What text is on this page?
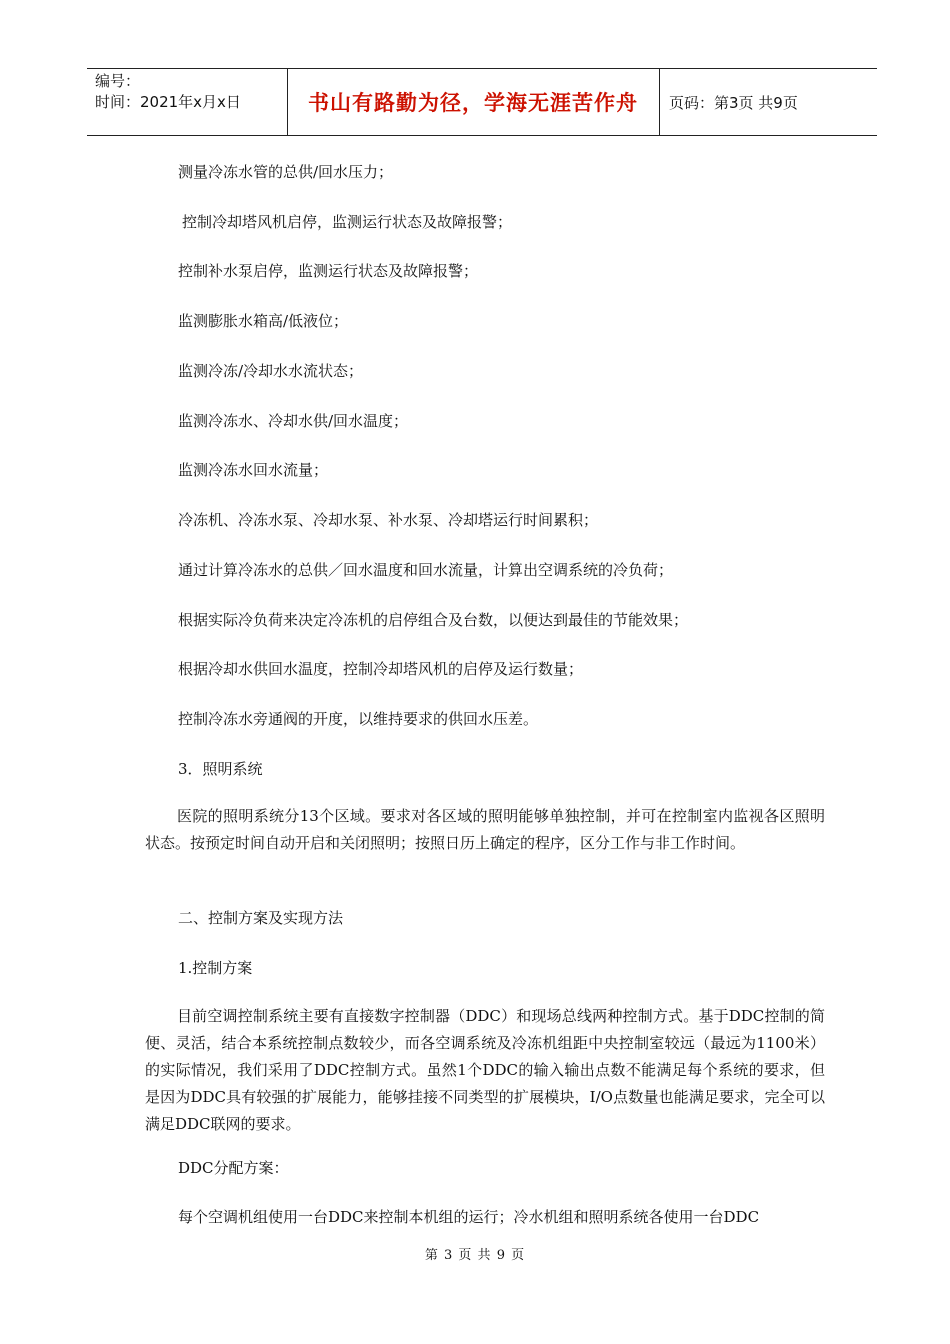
编号：
时间：2021年x月x日	书山有路勤为径，学海无涯苦作舟	页码：第3页 共9页
测量冷冻水管的总供/回水压力；
控制冷却塔风机启停，监测运行状态及故障报警；
控制补水泵启停，监测运行状态及故障报警；
监测膨胀水箱高/低液位；
监测冷冻/冷却水水流状态；
监测冷冻水、冷却水供/回水温度；
监测冷冻水回水流量；
冷冻机、冷冻水泵、冷却水泵、补水泵、冷却塔运行时间累积；
通过计算冷冻水的总供／回水温度和回水流量，计算出空调系统的冷负荷；
根据实际冷负荷来决定冷冻机的启停组合及台数，以便达到最佳的节能效果；
根据冷却水供回水温度，控制冷却塔风机的启停及运行数量；
控制冷冻水旁通阀的开度，以维持要求的供回水压差。
3．照明系统
医院的照明系统分13个区域。要求对各区域的照明能够单独控制，并可在控制室内监视各区照明状态。按预定时间自动开启和关闭照明；按照日历上确定的程序，区分工作与非工作时间。
二、控制方案及实现方法
1.控制方案
目前空调控制系统主要有直接数字控制器（DDC）和现场总线两种控制方式。基于DDC控制的简便、灵活，结合本系统控制点数较少，而各空调系统及冷冻机组距中央控制室较远（最远为1100米）的实际情况，我们采用了DDC控制方式。虽然1个DDC的输入输出点数不能满足每个系统的要求，但是因为DDC具有较强的扩展能力，能够挂接不同类型的扩展模块，I/O点数量也能满足要求，完全可以满足DDC联网的要求。
DDC分配方案：
每个空调机组使用一台DDC来控制本机组的运行；冷水机组和照明系统各使用一台DDC
第 3 页 共 9 页
